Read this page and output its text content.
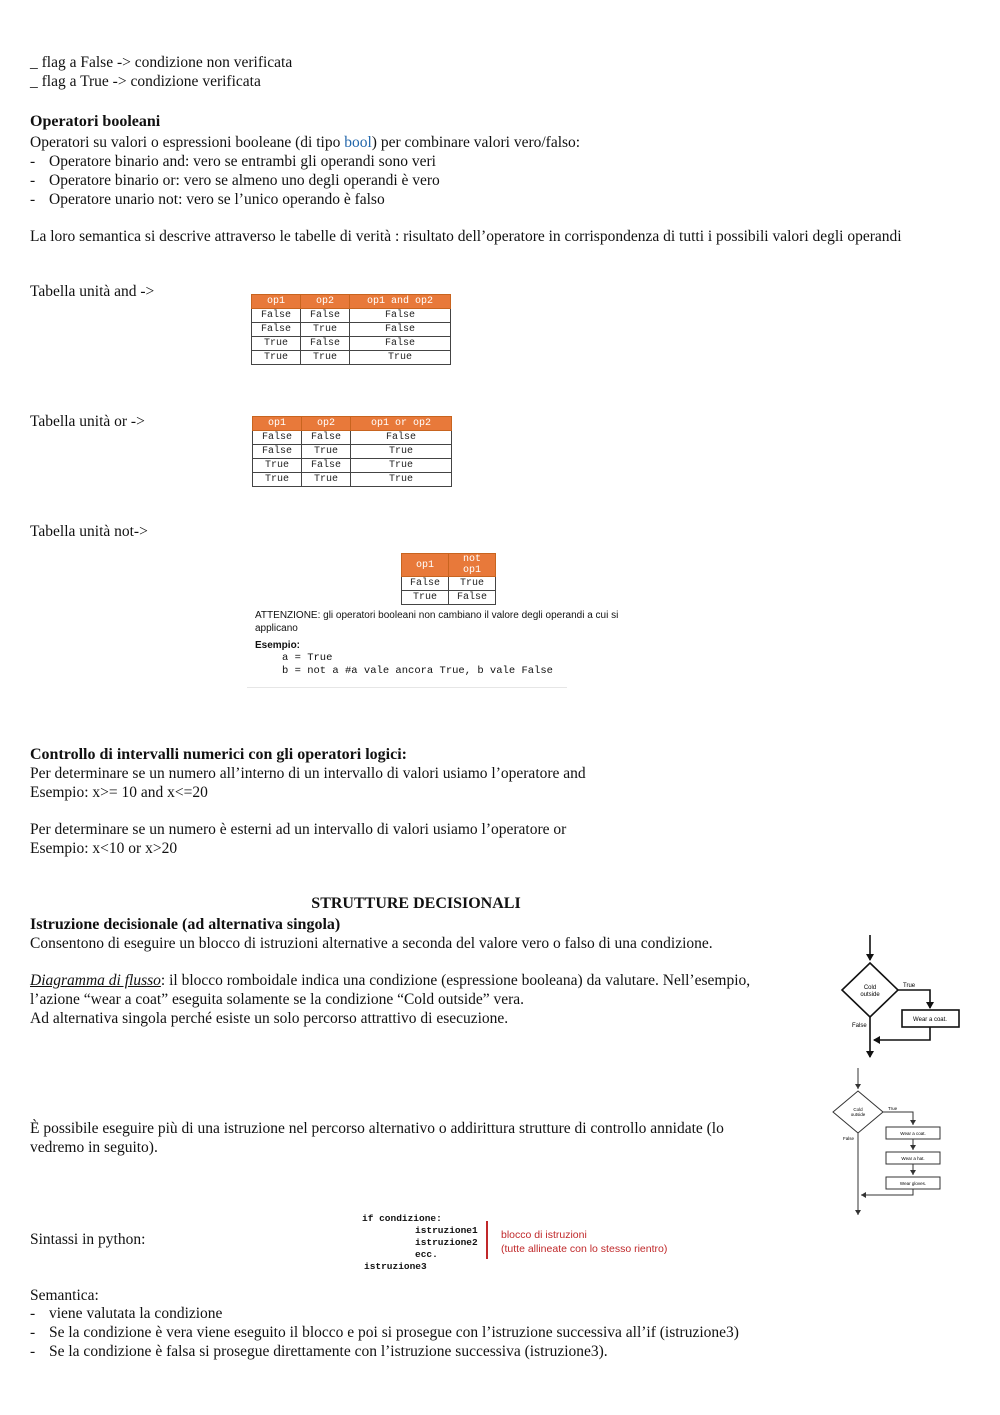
_ flag a False -> condizione non verificata
_ flag a True -> condizione verificata
Operatori booleani
Operatori su valori o espressioni booleane (di tipo bool) per combinare valori vero/falso:
- Operatore binario and: vero se entrambi gli operandi sono veri
- Operatore binario or: vero se almeno uno degli operandi è vero
- Operatore unario not: vero se l’unico operando è falso
La loro semantica si descrive attraverso le tabelle di verità : risultato dell’operatore in corrispondenza di tutti i possibili valori degli operandi
Tabella unità and ->
op1	op2	op1 and op2
False	False	False
False	True	False
True	False	False
True	True	True
Tabella unità or ->	op1	op2	op1 or op2
False	False	False
False	True	True
True	False	True
True	True	True
Tabella unità not->
op1	not op1
False	True
True	False
ATTENZIONE: gli operatori booleani non cambiano il valore degli operandi a cui si
applicano
Esempio:
a = True
b = not a #a vale ancora True, b vale False
Controllo di intervalli numerici con gli operatori logici:
Per determinare se un numero all’interno di un intervallo di valori usiamo l’operatore and
Esempio: x>= 10 and x<=20
Per determinare se un numero è esterni ad un intervallo di valori usiamo l’operatore or
Esempio: x<10 or x>20
STRUTTURE DECISIONALI
Istruzione decisionale (ad alternativa singola)
Consentono di eseguire un blocco di istruzioni alternative a seconda del valore vero o falso di una condizione.
Diagramma di flusso: il blocco romboidale indica una condizione (espressione booleana) da valutare. Nell’esempio,
l’azione “wear a coat” eseguita solamente se la condizione “Cold outside” vera.
Ad alternativa singola perché esiste un solo percorso attrattivo di esecuzione.
È possibile eseguire più di una istruzione nel percorso alternativo o addirittura strutture di controllo annidate (lo
vedremo in seguito).
Cold
outside
True
Wear a coat.
False
Cold
outside
True
Wear a coat.
Wear a hat.
Wear gloves.
False
Sintassi in python:
if condizione:
istruzione1
istruzione2
ecc.
istruzione3
blocco di istruzioni
(tutte allineate con lo stesso rientro)
Semantica:
- viene valutata la condizione
- Se la condizione è vera viene eseguito il blocco e poi si prosegue con l’istruzione successiva all’if (istruzione3)
- Se la condizione è falsa si prosegue direttamente con l’istruzione successiva (istruzione3).
